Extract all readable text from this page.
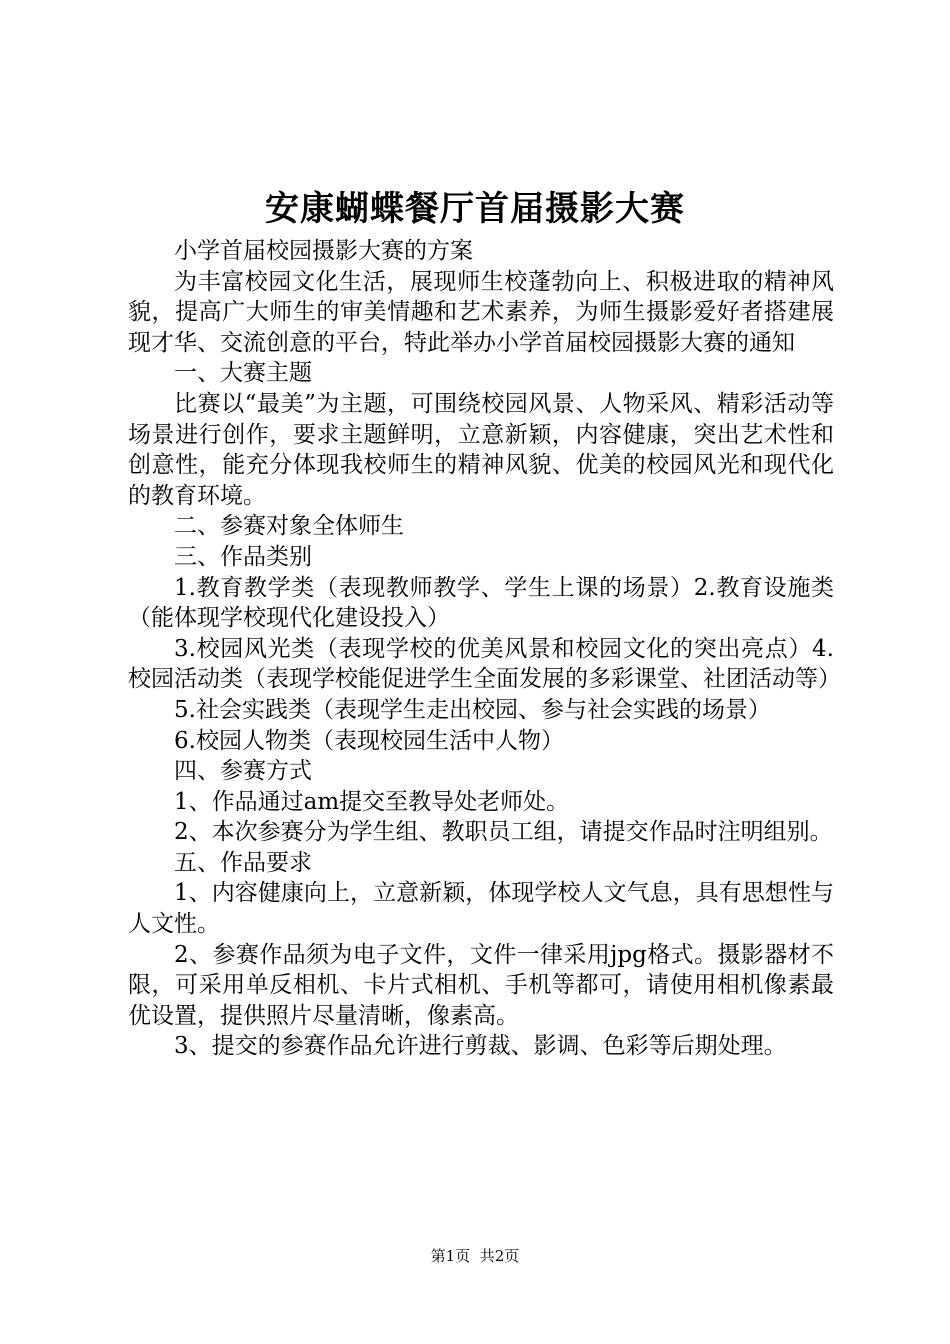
安康蝴蝶餐厅首届摄影大赛

小学首届校园摄影大赛的方案

为丰富校园文化生活，展现师生校蓬勃向上、积极进取的精神风貌，提高广大师生的审美情趣和艺术素养，为师生摄影爱好者搭建展现才华、交流创意的平台，特此举办小学首届校园摄影大赛的通知

一、大赛主题

比赛以“最美”为主题，可围绕校园风景、人物采风、精彩活动等场景进行创作，要求主题鲜明，立意新颖，内容健康，突出艺术性和创意性，能充分体现我校师生的精神风貌、优美的校园风光和现代化的教育环境。

二、参赛对象全体师生

三、作品类别

1.教育教学类（表现教师教学、学生上课的场景）2.教育设施类（能体现学校现代化建设投入）

3.校园风光类（表现学校的优美风景和校园文化的突出亮点）4.校园活动类（表现学校能促进学生全面发展的多彩课堂、社团活动等）

5.社会实践类（表现学生走出校园、参与社会实践的场景）

6.校园人物类（表现校园生活中人物）

四、参赛方式

1、作品通过am提交至教导处老师处。

2、本次参赛分为学生组、教职员工组，请提交作品时注明组别。

五、作品要求

1、内容健康向上，立意新颖，体现学校人文气息，具有思想性与人文性。

2、参赛作品须为电子文件，文件一律采用jpg格式。摄影器材不限，可采用单反相机、卡片式相机、手机等都可，请使用相机像素最优设置，提供照片尽量清晰，像素高。

3、提交的参赛作品允许进行剪裁、影调、色彩等后期处理。

第1页 共2页
